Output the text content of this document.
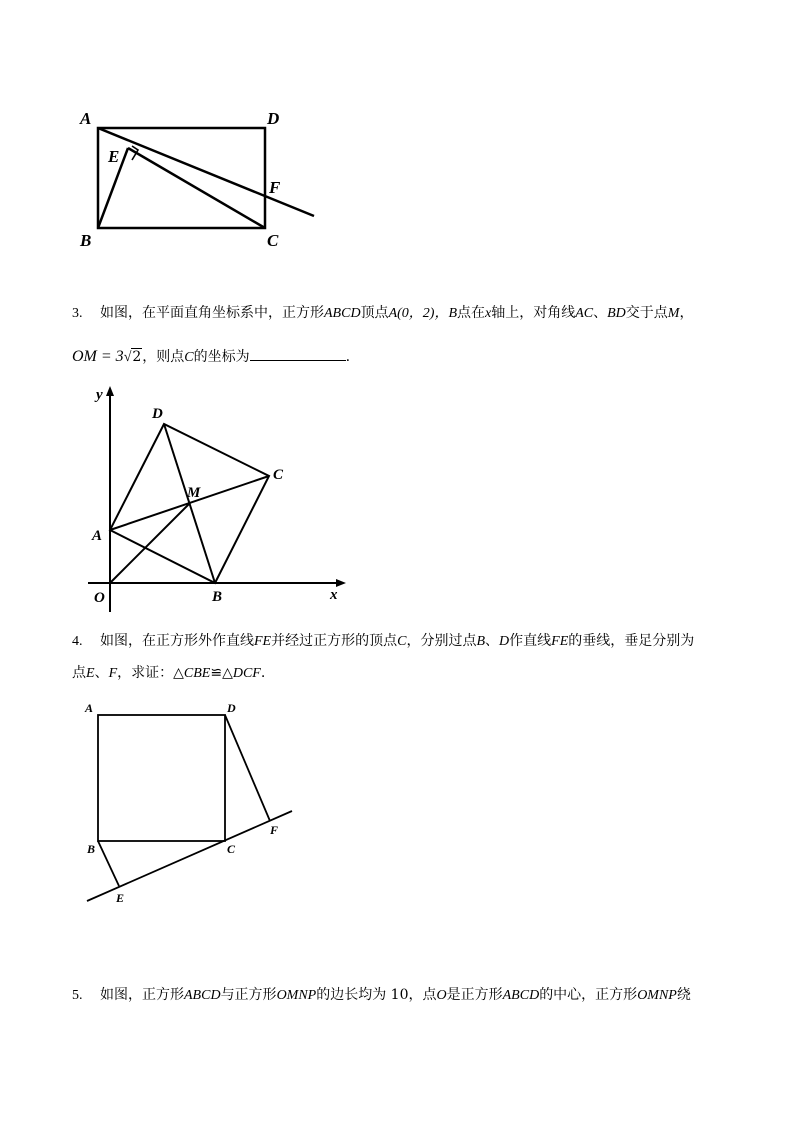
A	D
E
F
B	C
3. 如图，在平面直角坐标系中，正方形ABCD顶点A(0，2)，B点在x轴上，对角线AC、BD交于点M，
OM = 3√2，则点C的坐标为	.
y
D
C
M
A
O	B	x
4. 如图，在正方形外作直线FE并经过正方形的顶点C，分别过点B、D作直线FE的垂线，垂足分别为
点E、F，求证：△CBE≌△DCF.
A	D
B	C
F
E
5. 如图，正方形ABCD与正方形OMNP的边长均为 10，点O是正方形ABCD的中心，正方形OMNP绕
